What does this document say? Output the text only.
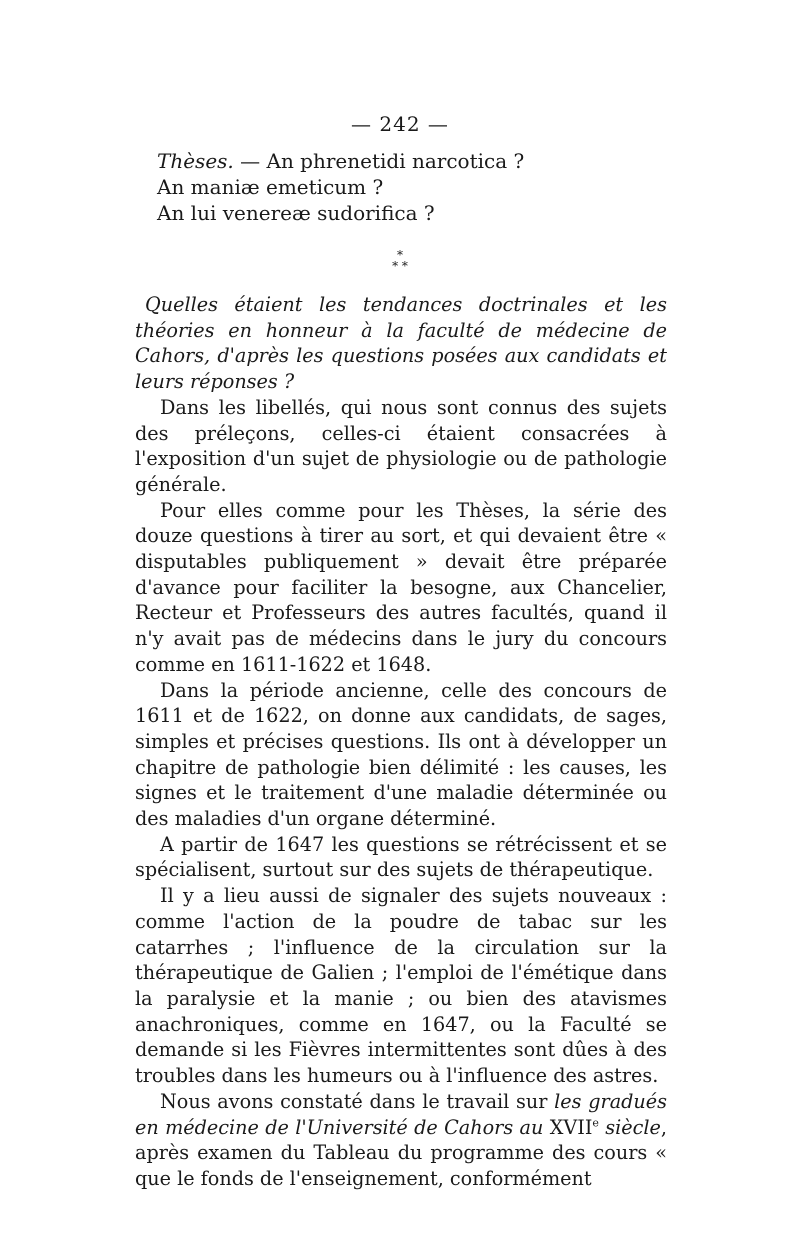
— 242 —
Thèses. — An phrenetidi narcotica ?
An maniæ emeticum ?
An lui venereæ sudorifica ?
*
* *

Quelles étaient les tendances doctrinales et les théories en honneur à la faculté de médecine de Cahors, d'après les questions posées aux candidats et leurs réponses ?

Dans les libellés, qui nous sont connus des sujets des préleçons, celles-ci étaient consacrées à l'exposition d'un sujet de physiologie ou de pathologie générale.

Pour elles comme pour les Thèses, la série des douze questions à tirer au sort, et qui devaient être « disputables publiquement » devait être préparée d'avance pour faciliter la besogne, aux Chancelier, Recteur et Professeurs des autres facultés, quand il n'y avait pas de médecins dans le jury du concours comme en 1611-1622 et 1648.

Dans la période ancienne, celle des concours de 1611 et de 1622, on donne aux candidats, de sages, simples et précises questions. Ils ont à développer un chapitre de pathologie bien délimité : les causes, les signes et le traitement d'une maladie déterminée ou des maladies d'un organe déterminé.

A partir de 1647 les questions se rétrécissent et se spécialisent, surtout sur des sujets de thérapeutique.

Il y a lieu aussi de signaler des sujets nouveaux : comme l'action de la poudre de tabac sur les catarrhes ; l'influence de la circulation sur la thérapeutique de Galien ; l'emploi de l'émétique dans la paralysie et la manie ; ou bien des atavismes anachroniques, comme en 1647, ou la Faculté se demande si les Fièvres intermittentes sont dûes à des troubles dans les humeurs ou à l'influence des astres.

Nous avons constaté dans le travail sur les gradués en médecine de l'Université de Cahors au XVIIe siècle, après examen du Tableau du programme des cours « que le fonds de l'enseignement, conformément
